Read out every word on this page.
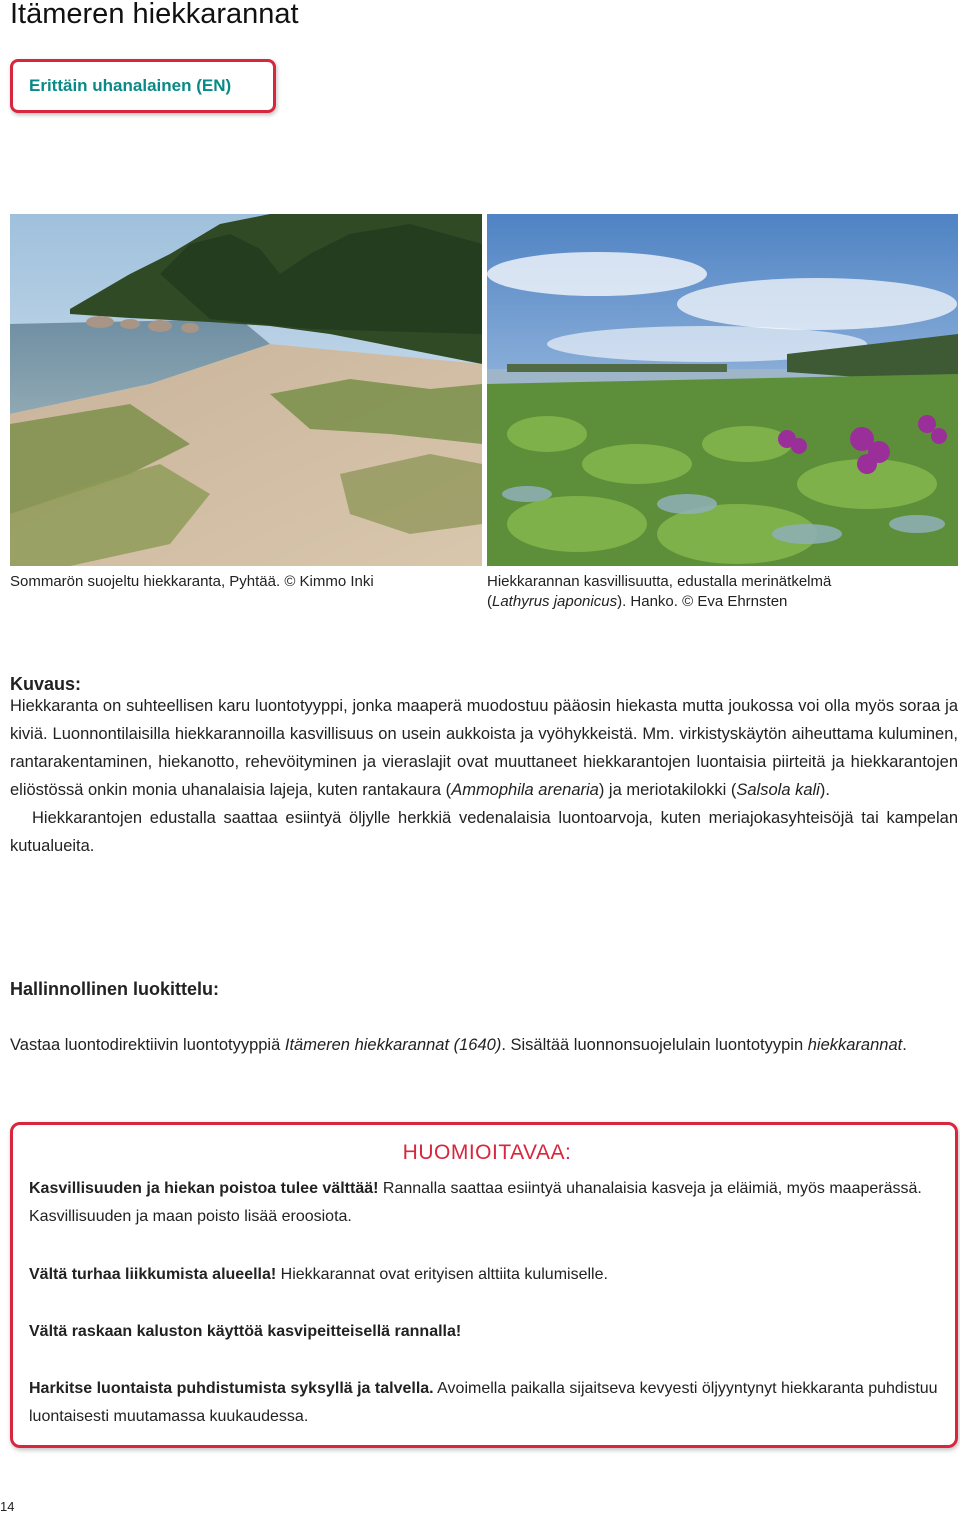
Itämeren hiekkarannat
Erittäin uhanalainen (EN)
Sommarön suojeltu hiekkaranta, Pyhtää. © Kimmo Inki	Hiekkarannan kasvillisuutta, edustalla merinätkelmä
(Lathyrus japonicus). Hanko. © Eva Ehrnsten
Kuvaus:

Hiekkaranta on suhteellisen karu luontotyyppi, jonka maaperä muodostuu pääosin hiekasta mutta joukossa voi olla myös soraa ja kiviä. Luonnontilaisilla hiekkarannoilla kasvillisuus on usein aukkoista ja vyöhykkeistä. Mm. virkistyskäytön aiheuttama kuluminen, rantarakentaminen, hiekanotto, rehevöityminen ja vieraslajit ovat muuttaneet hiekkarantojen luontaisia piirteitä ja hiekkarantojen eliöstössä onkin monia uhanalaisia lajeja, kuten rantakaura (Ammophila arenaria) ja meriotakilokki (Salsola kali).

Hiekkarantojen edustalla saattaa esiintyä öljylle herkkiä vedenalaisia luontoarvoja, kuten meriajokasyhteisöjä tai kampelan kutualueita.

Hallinnollinen luokittelu:

Vastaa luontodirektiivin luontotyyppiä Itämeren hiekkarannat (1640). Sisältää luonnonsuojelulain luontotyypin hiekkarannat.

HUOMIOITAVAA:

Kasvillisuuden ja hiekan poistoa tulee välttää! Rannalla saattaa esiintyä uhanalaisia kasveja ja eläimiä, myös maaperässä. Kasvillisuuden ja maan poisto lisää eroosiota.

Vältä turhaa liikkumista alueella! Hiekkarannat ovat erityisen alttiita kulumiselle.

Vältä raskaan kaluston käyttöä kasvipeitteisellä rannalla!

Harkitse luontaista puhdistumista syksyllä ja talvella. Avoimella paikalla sijaitseva kevyesti öljyyntynyt hiekkaranta puhdistuu luontaisesti muutamassa kuukaudessa.

14
